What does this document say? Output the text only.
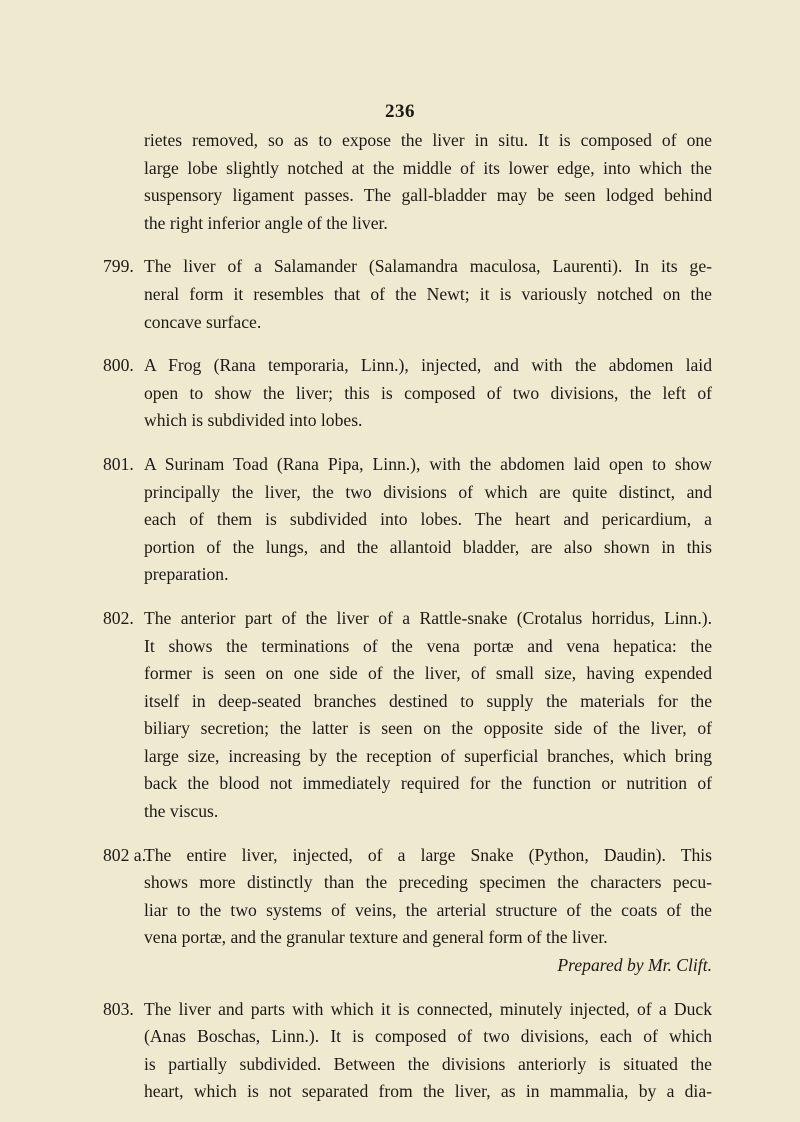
236
rietes removed, so as to expose the liver in situ. It is composed of one
large lobe slightly notched at the middle of its lower edge, into which the
suspensory ligament passes. The gall-bladder may be seen lodged behind
the right inferior angle of the liver.
799. The liver of a Salamander (Salamandra maculosa, Laurenti). In its ge-
neral form it resembles that of the Newt; it is variously notched on the
concave surface.
800. A Frog (Rana temporaria, Linn.), injected, and with the abdomen laid
open to show the liver; this is composed of two divisions, the left of
which is subdivided into lobes.
801. A Surinam Toad (Rana Pipa, Linn.), with the abdomen laid open to show
principally the liver, the two divisions of which are quite distinct, and
each of them is subdivided into lobes. The heart and pericardium, a
portion of the lungs, and the allantoid bladder, are also shown in this
preparation.
802. The anterior part of the liver of a Rattle-snake (Crotalus horridus, Linn.).
It shows the terminations of the vena portæ and vena hepatica: the
former is seen on one side of the liver, of small size, having expended
itself in deep-seated branches destined to supply the materials for the
biliary secretion; the latter is seen on the opposite side of the liver, of
large size, increasing by the reception of superficial branches, which bring
back the blood not immediately required for the function or nutrition of
the viscus.
802 a.
The entire liver, injected, of a large Snake (Python, Daudin). This
shows more distinctly than the preceding specimen the characters pecu-
liar to the two systems of veins, the arterial structure of the coats of the
vena portæ, and the granular texture and general form of the liver.
Prepared by Mr. Clift.
803. The liver and parts with which it is connected, minutely injected, of a Duck
(Anas Boschas, Linn.). It is composed of two divisions, each of which
is partially subdivided. Between the divisions anteriorly is situated the
heart, which is not separated from the liver, as in mammalia, by a dia-
